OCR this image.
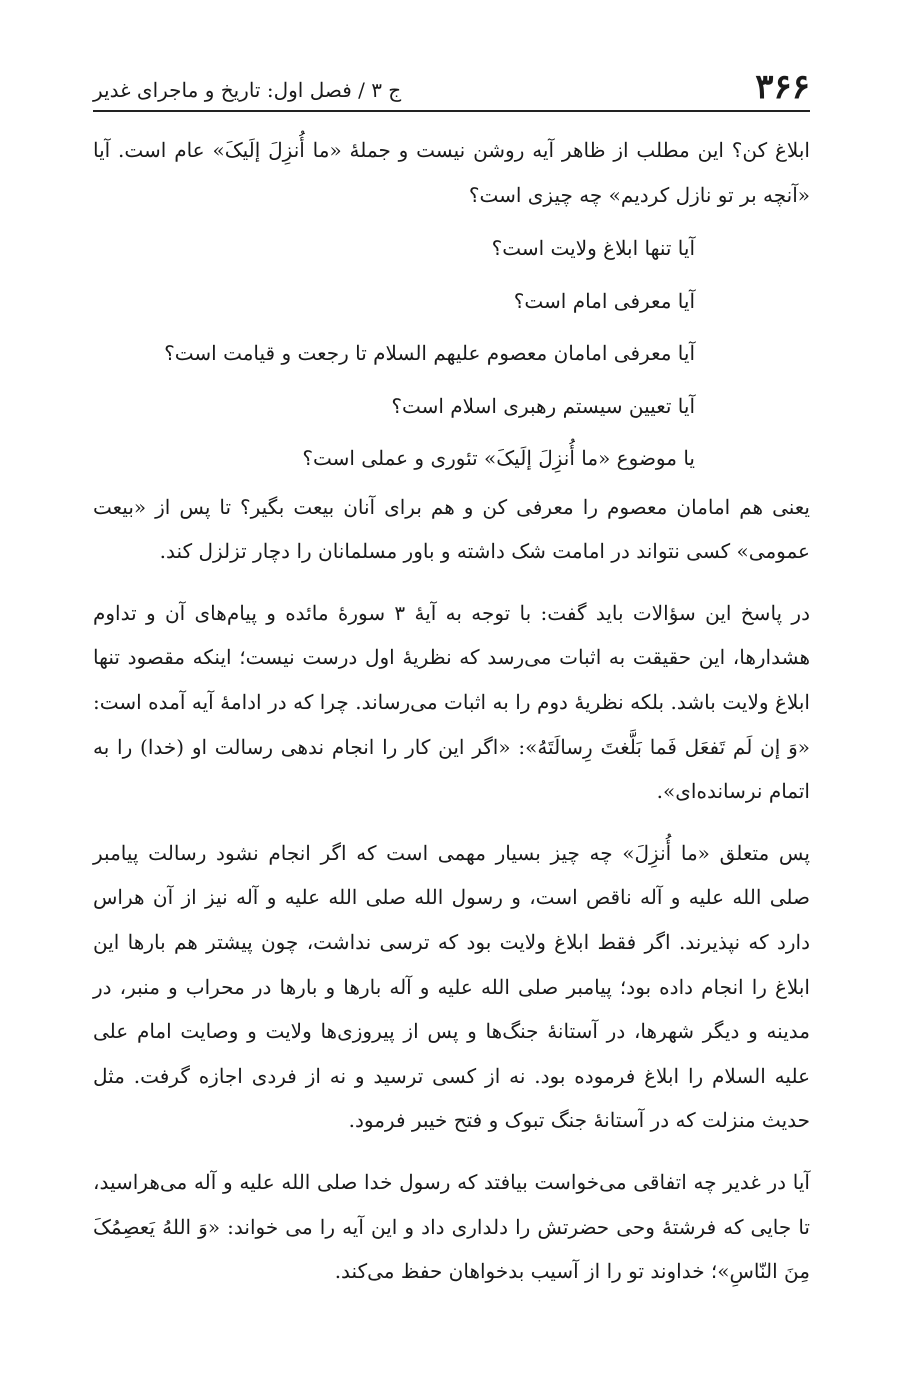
۳۶۶
ج ۳ / فصل اول: تاریخ و ماجرای غدیر

ابلاغ کن؟ این مطلب از ظاهر آیه روشن نیست و جملۀ «ما أُنزِلَ إلَیکَ» عام است. آیا «آنچه بر تو نازل کردیم» چه چیزی است؟

آیا تنها ابلاغ ولایت است؟
آیا معرفی امام است؟
آیا معرفی امامان معصوم علیهم السلام تا رجعت و قیامت است؟
آیا تعیین سیستم رهبری اسلام است؟
یا موضوع «ما أُنزِلَ إلَیکَ» تئوری و عملی است؟

یعنی هم امامان معصوم را معرفی کن و هم برای آنان بیعت بگیر؟ تا پس از «بیعت عمومی» کسی نتواند در امامت شک داشته و باور مسلمانان را دچار تزلزل کند.

در پاسخ این سؤالات باید گفت: با توجه به آیۀ ۳ سورۀ مائده و پیام‌های آن و تداوم هشدارها، این حقیقت به اثبات می‌رسد که نظریۀ اول درست نیست؛ اینکه مقصود تنها ابلاغ ولایت باشد. بلکه نظریۀ دوم را به اثبات می‌رساند. چرا که در ادامۀ آیه آمده است: «وَ إن لَم تَفعَل فَما بَلَّغتَ رِسالَتَهُ»: «اگر این کار را انجام ندهی رسالت او (خدا) را به اتمام نرسانده‌ای».

پس متعلق «ما أُنزِلَ» چه چیز بسیار مهمی است که اگر انجام نشود رسالت پیامبر صلی الله علیه و آله ناقص است، و رسول الله صلی الله علیه و آله نیز از آن هراس دارد که نپذیرند. اگر فقط ابلاغ ولایت بود که ترسی نداشت، چون پیشتر هم بارها این ابلاغ را انجام داده بود؛ پیامبر صلی الله علیه و آله بارها و بارها در محراب و منبر، در مدینه و دیگر شهرها، در آستانۀ جنگ‌ها و پس از پیروزی‌ها ولایت و وصایت امام علی علیه السلام را ابلاغ فرموده بود. نه از کسی ترسید و نه از فردی اجازه گرفت. مثل حدیث منزلت که در آستانۀ جنگ تبوک و فتح خیبر فرمود.

آیا در غدیر چه اتفاقی می‌خواست بیافتد که رسول خدا صلی الله علیه و آله می‌هراسید، تا جایی که فرشتۀ وحی حضرتش را دلداری داد و این آیه را می خواند: «وَ اللهُ یَعصِمُکَ مِنَ النّاسِ»؛ خداوند تو را از آسیب بدخواهان حفظ می‌کند.
